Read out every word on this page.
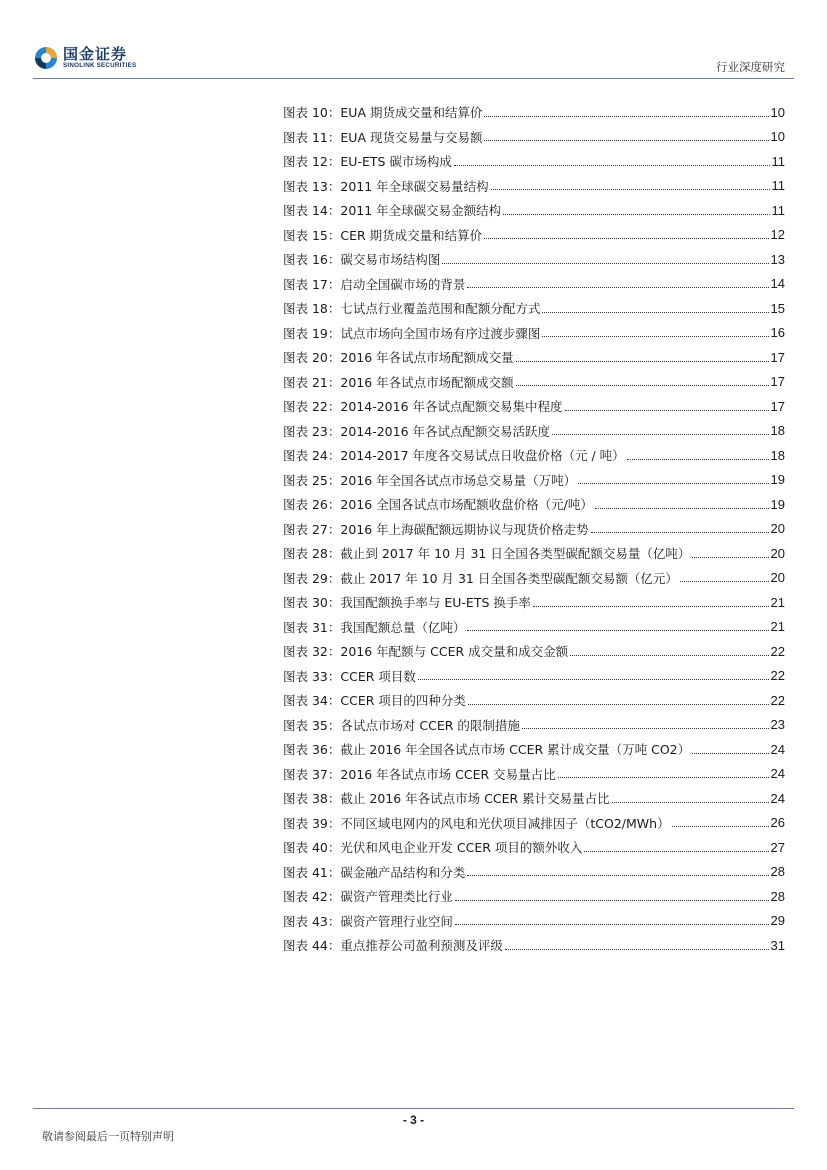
国金证券
SINOLINK SECURITIES	行业深度研究
图表 10： EUA 期货成交量和结算价	10
图表 11： EUA 现货交易量与交易额	10
图表 12： EU-ETS 碳市场构成	11
图表 13： 2011 年全球碳交易量结构	11
图表 14： 2011 年全球碳交易金额结构	11
图表 15： CER 期货成交量和结算价	12
图表 16： 碳交易市场结构图	13
图表 17： 启动全国碳市场的背景	14
图表 18： 七试点行业覆盖范围和配额分配方式	15
图表 19： 试点市场向全国市场有序过渡步骤图	16
图表 20： 2016 年各试点市场配额成交量	17
图表 21： 2016 年各试点市场配额成交额	17
图表 22： 2014-2016 年各试点配额交易集中程度	17
图表 23： 2014-2016 年各试点配额交易活跃度	18
图表 24： 2014-2017 年度各交易试点日收盘价格（元 / 吨）	18
图表 25： 2016 年全国各试点市场总交易量（万吨）	19
图表 26： 2016 全国各试点市场配额收盘价格（元/吨）	19
图表 27： 2016 年上海碳配额远期协议与现货价格走势	20
图表 28： 截止到 2017 年 10 月 31 日全国各类型碳配额交易量（亿吨）	20
图表 29： 截止 2017 年 10 月 31 日全国各类型碳配额交易额（亿元）	20
图表 30： 我国配额换手率与 EU-ETS 换手率	21
图表 31： 我国配额总量（亿吨）	21
图表 32： 2016 年配额与 CCER 成交量和成交金额	22
图表 33： CCER 项目数	22
图表 34： CCER 项目的四种分类	22
图表 35： 各试点市场对 CCER 的限制措施	23
图表 36： 截止 2016 年全国各试点市场 CCER 累计成交量（万吨 CO2）	24
图表 37： 2016 年各试点市场 CCER 交易量占比	24
图表 38： 截止 2016 年各试点市场 CCER 累计交易量占比	24
图表 39： 不同区域电网内的风电和光伏项目减排因子（tCO2/MWh）	26
图表 40： 光伏和风电企业开发 CCER 项目的额外收入	27
图表 41： 碳金融产品结构和分类	28
图表 42： 碳资产管理类比行业	28
图表 43： 碳资产管理行业空间	29
图表 44： 重点推荐公司盈利预测及评级	31
- 3 -
敬请参阅最后一页特别声明
